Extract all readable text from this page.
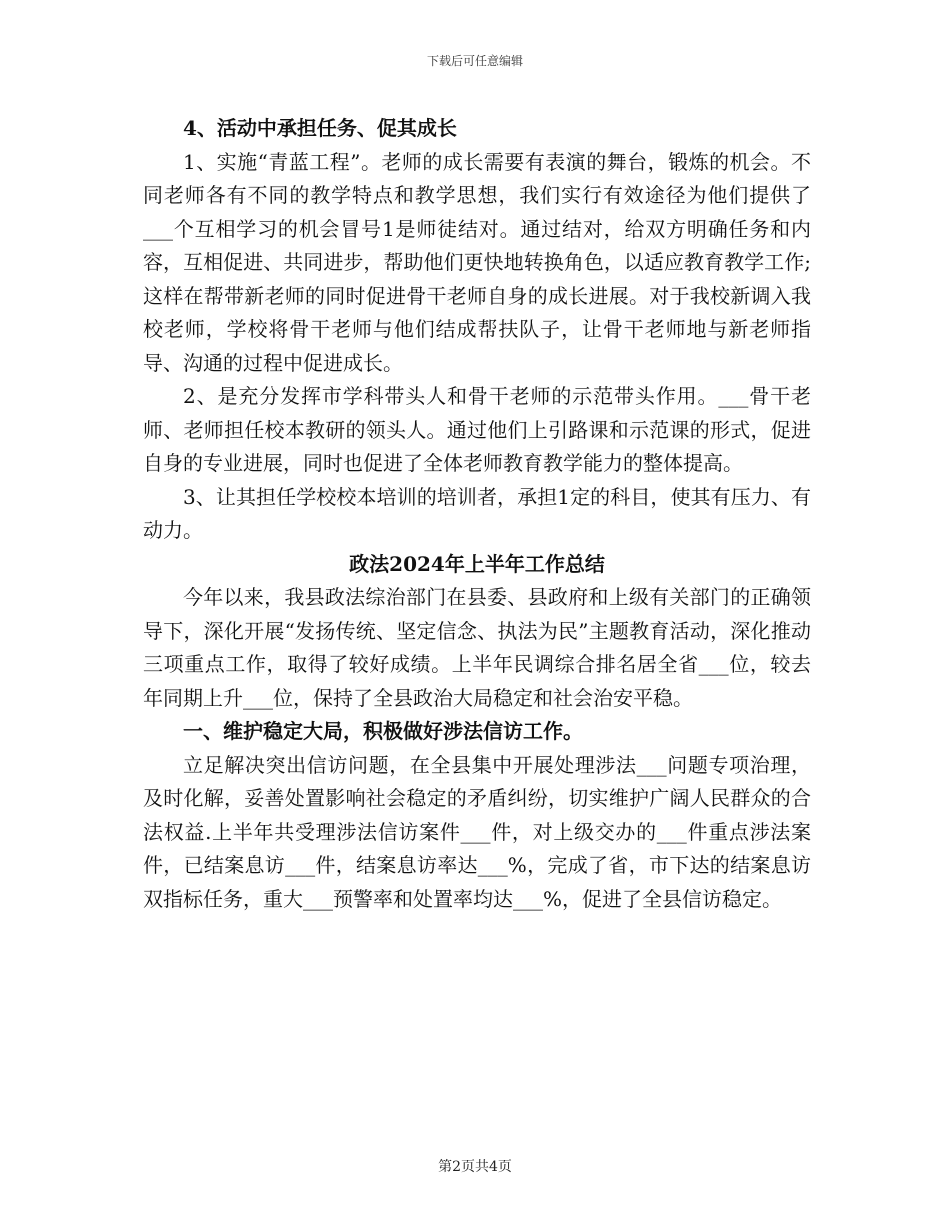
下载后可任意编辑

4、活动中承担任务、促其成长

1、实施“青蓝工程”。老师的成长需要有表演的舞台，锻炼的机会。不同老师各有不同的教学特点和教学思想，我们实行有效途径为他们提供了___个互相学习的机会冒号1是师徒结对。通过结对，给双方明确任务和内容，互相促进、共同进步，帮助他们更快地转换角色，以适应教育教学工作;这样在帮带新老师的同时促进骨干老师自身的成长进展。对于我校新调入我校老师，学校将骨干老师与他们结成帮扶队子，让骨干老师地与新老师指导、沟通的过程中促进成长。

2、是充分发挥市学科带头人和骨干老师的示范带头作用。___骨干老师、老师担任校本教研的领头人。通过他们上引路课和示范课的形式，促进自身的专业进展，同时也促进了全体老师教育教学能力的整体提高。

3、让其担任学校校本培训的培训者，承担1定的科目，使其有压力、有动力。

政法2024年上半年工作总结

今年以来，我县政法综治部门在县委、县政府和上级有关部门的正确领导下，深化开展“发扬传统、坚定信念、执法为民”主题教育活动，深化推动三项重点工作，取得了较好成绩。上半年民调综合排名居全省___位，较去年同期上升___位，保持了全县政治大局稳定和社会治安平稳。

一、维护稳定大局，积极做好涉法信访工作。

立足解决突出信访问题，在全县集中开展处理涉法___问题专项治理，及时化解，妥善处置影响社会稳定的矛盾纠纷，切实维护广阔人民群众的合法权益.上半年共受理涉法信访案件___件，对上级交办的___件重点涉法案件，已结案息访___件，结案息访率达___%，完成了省，市下达的结案息访双指标任务，重大___预警率和处置率均达___%，促进了全县信访稳定。

第2页共4页
